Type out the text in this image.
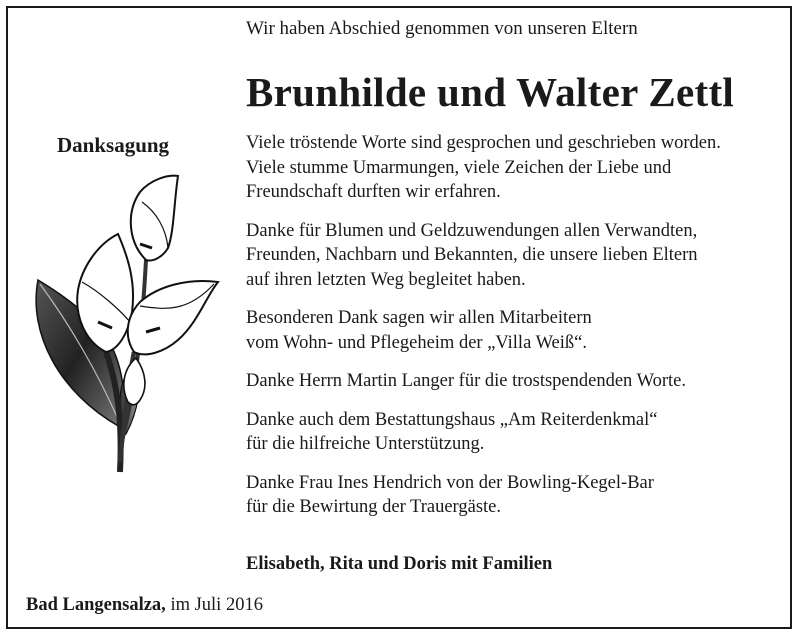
Wir haben Abschied genommen von unseren Eltern
Brunhilde und Walter Zettl
Danksagung	Viele tröstende Worte sind gesprochen und geschrieben worden.
Viele stumme Umarmungen, viele Zeichen der Liebe und
Freundschaft durften wir erfahren.
Danke für Blumen und Geldzuwendungen allen Verwandten,
Freunden, Nachbarn und Bekannten, die unsere lieben Eltern
auf ihren letzten Weg begleitet haben.
Besonderen Dank sagen wir allen Mitarbeitern
vom Wohn- und Pflegeheim der „Villa Weiß“.
Danke Herrn Martin Langer für die trostspendenden Worte.
Danke auch dem Bestattungshaus „Am Reiterdenkmal“
für die hilfreiche Unterstützung.
Danke Frau Ines Hendrich von der Bowling-Kegel-Bar
für die Bewirtung der Trauergäste.
Elisabeth, Rita und Doris mit Familien
Bad Langensalza, im Juli 2016
